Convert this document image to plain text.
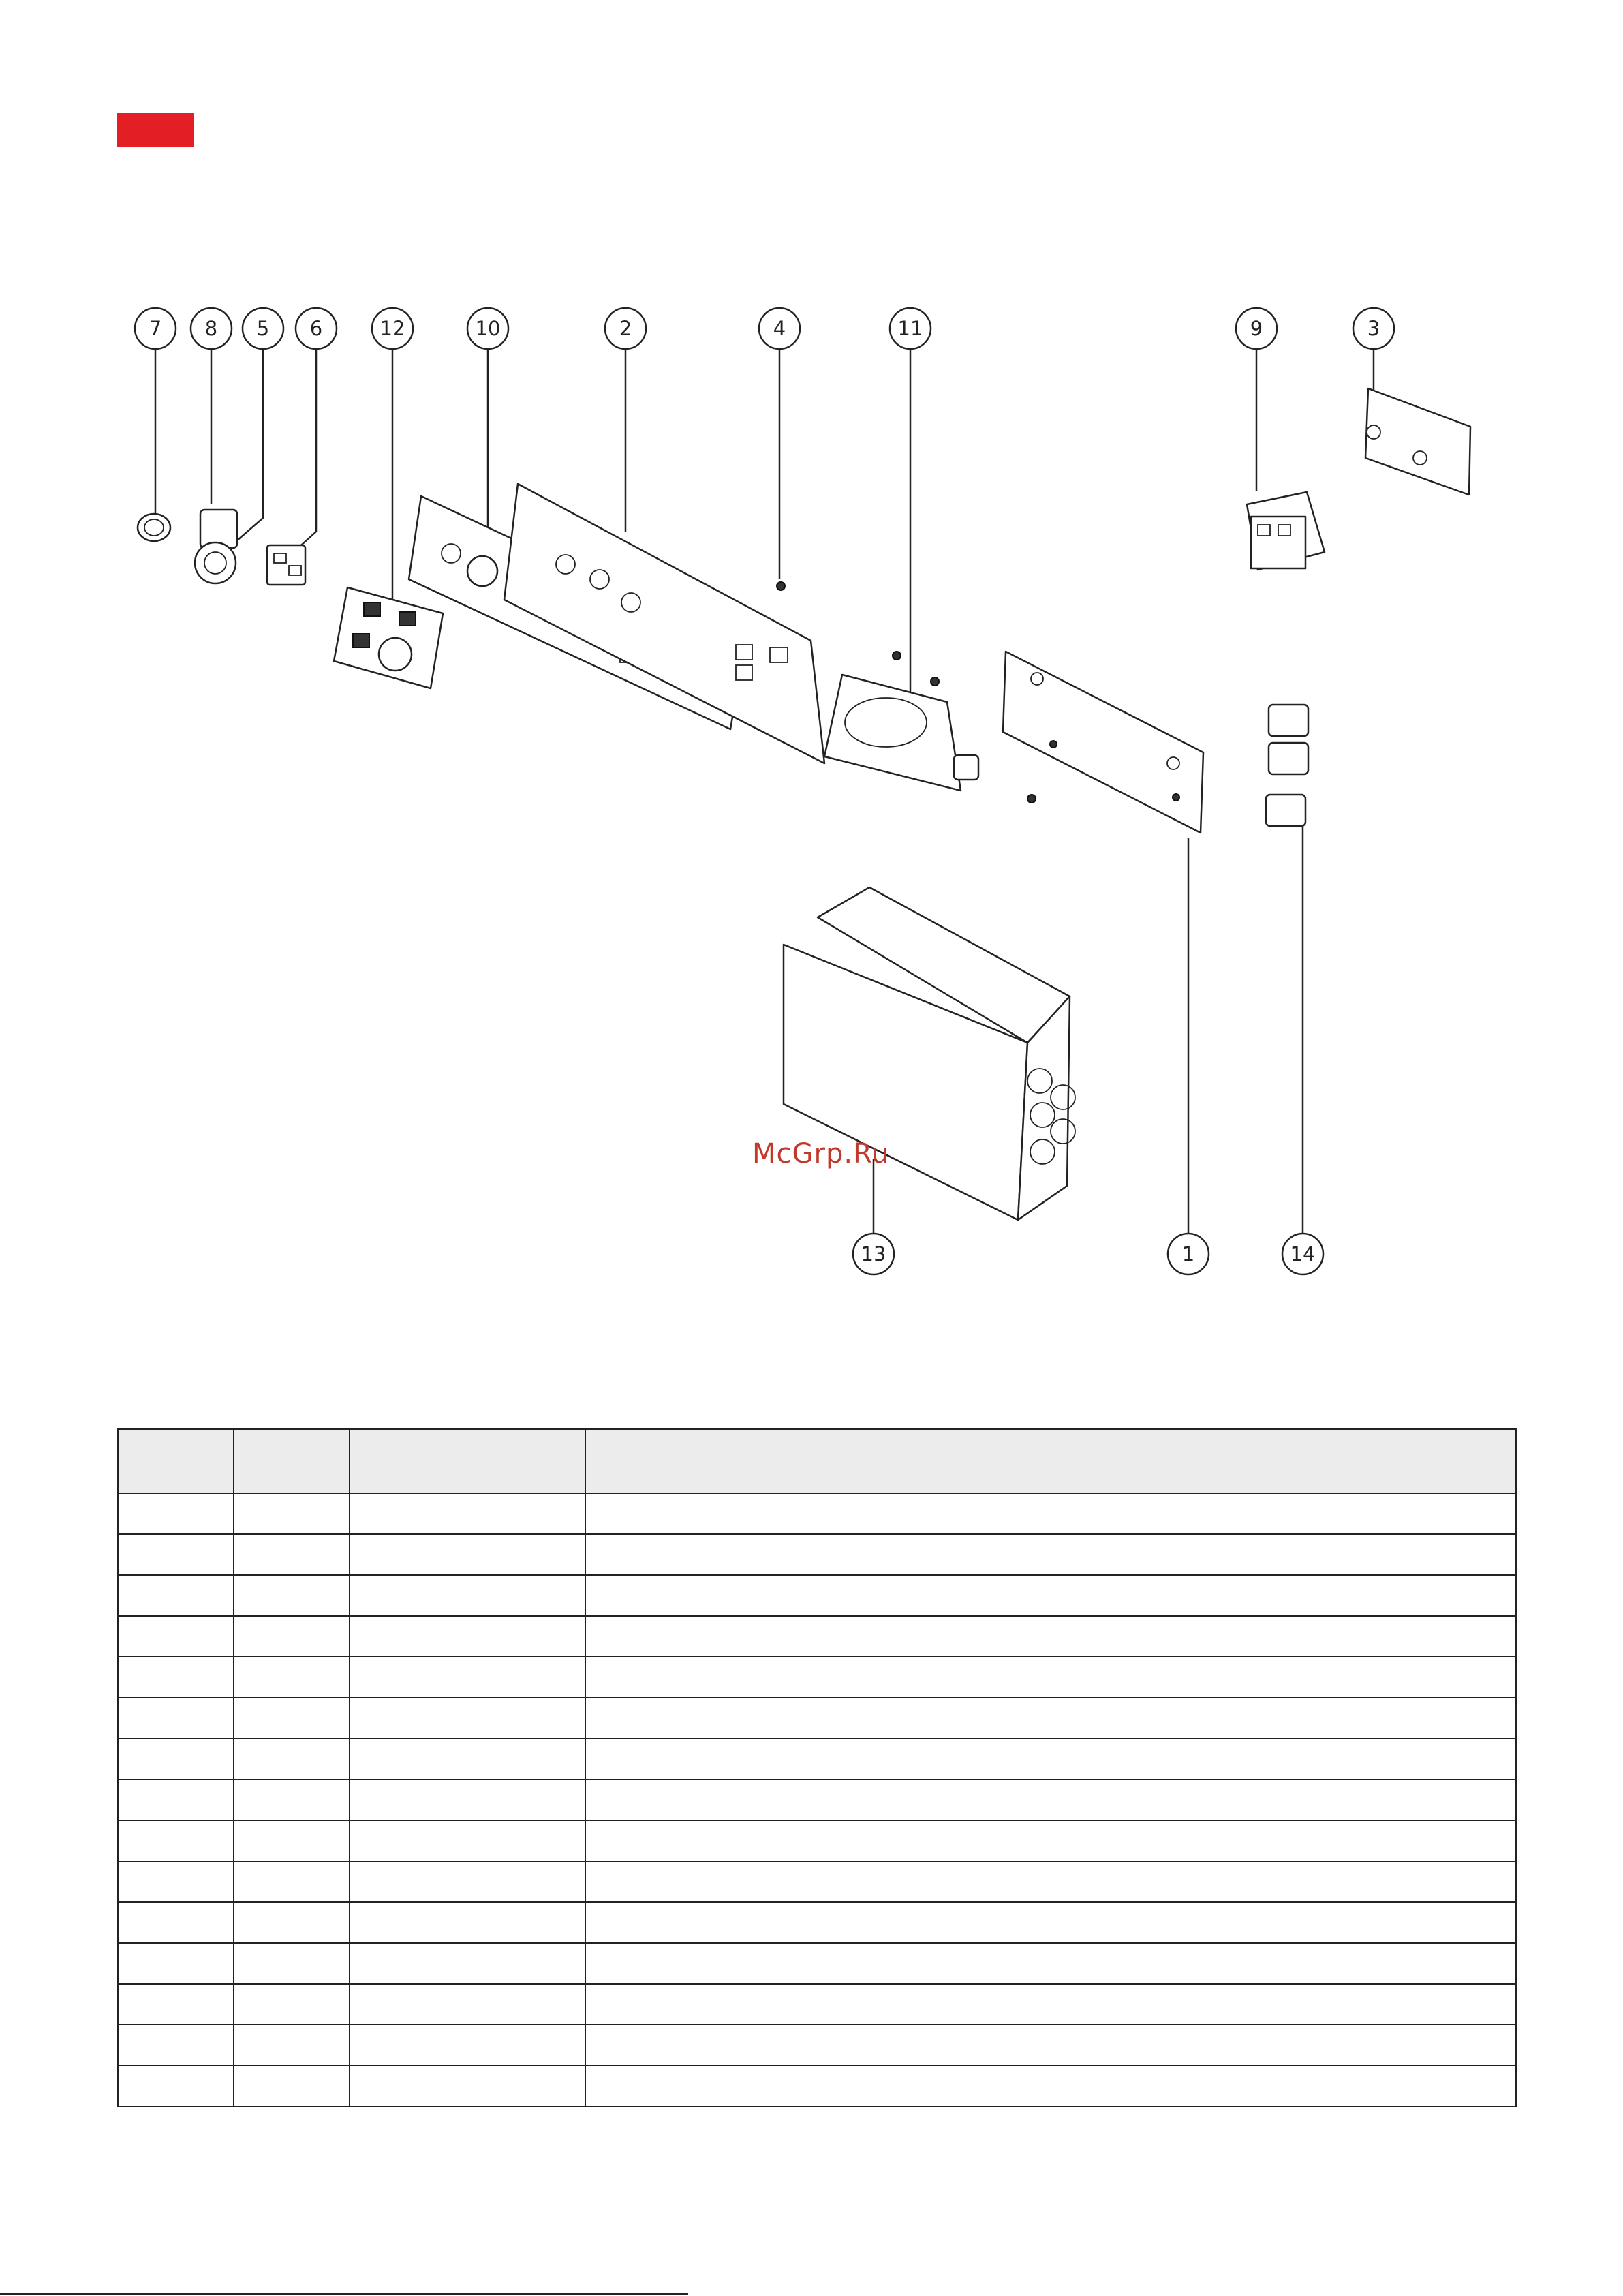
7 8 5 6	12	10	2	4	11	9	3
13	1	14
McGrp.Ru
